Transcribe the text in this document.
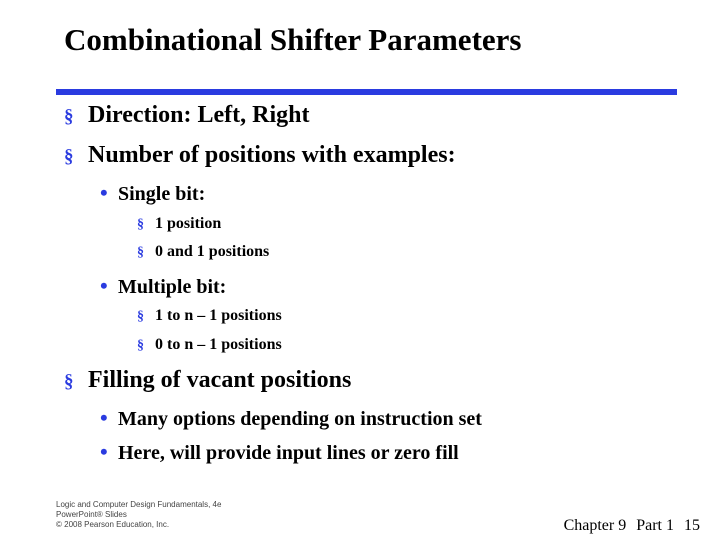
Combinational Shifter Parameters
§ Direction: Left, Right
§ Number of positions with examples:
• Single bit:
§ 1 position
§ 0 and 1 positions
• Multiple bit:
§ 1 to n – 1 positions
§ 0 to n – 1 positions
§ Filling of vacant positions
• Many options depending on instruction set
• Here, will provide input lines or zero fill
Logic and Computer Design Fundamentals, 4e
PowerPoint® Slides
© 2008 Pearson Education, Inc.	Chapter 9 Part 1 15
